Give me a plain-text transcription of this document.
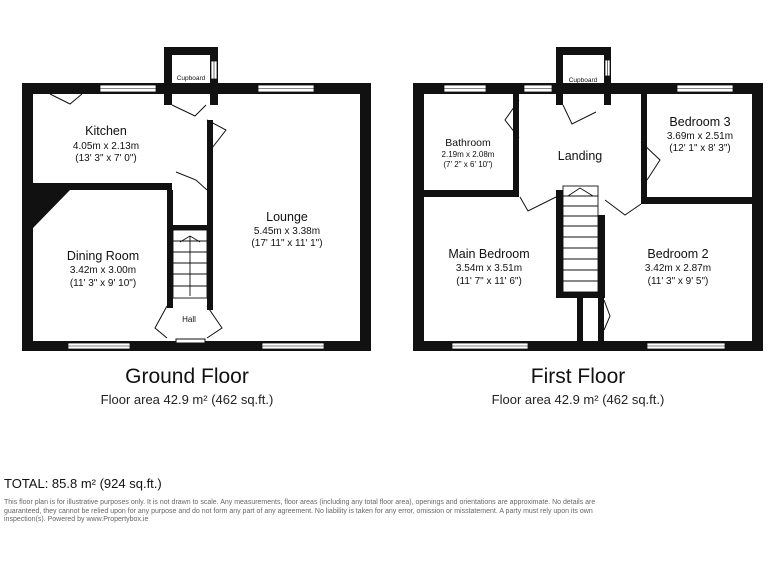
Kitchen
4.05m x 2.13m
(13' 3" x 7' 0")
Dining Room
3.42m x 3.00m
(11' 3" x 9' 10")
Lounge
5.45m x 3.38m
(17' 11" x 11' 1")
Hall
Cupboard
Bathroom
2.19m x 2.08m
(7' 2" x 6' 10")
Landing
Cupboard
Bedroom 3
3.69m x 2.51m
(12' 1" x 8' 3")
Main Bedroom
3.54m x 3.51m
(11' 7" x 11' 6")
Bedroom 2
3.42m x 2.87m
(11' 3" x 9' 5")
Ground Floor
Floor area 42.9 m² (462 sq.ft.)
First Floor
Floor area 42.9 m² (462 sq.ft.)
TOTAL: 85.8 m² (924 sq.ft.)
This floor plan is for illustrative purposes only. It is not drawn to scale. Any measurements, floor areas (including any total floor area), openings and orientations are approximate. No details are guaranteed, they cannot be relied upon for any purpose and do not form any part of any agreement. No liability is taken for any error, omission or misstatement. A party must rely upon its own inspection(s). Powered by www.Propertybox.ie
